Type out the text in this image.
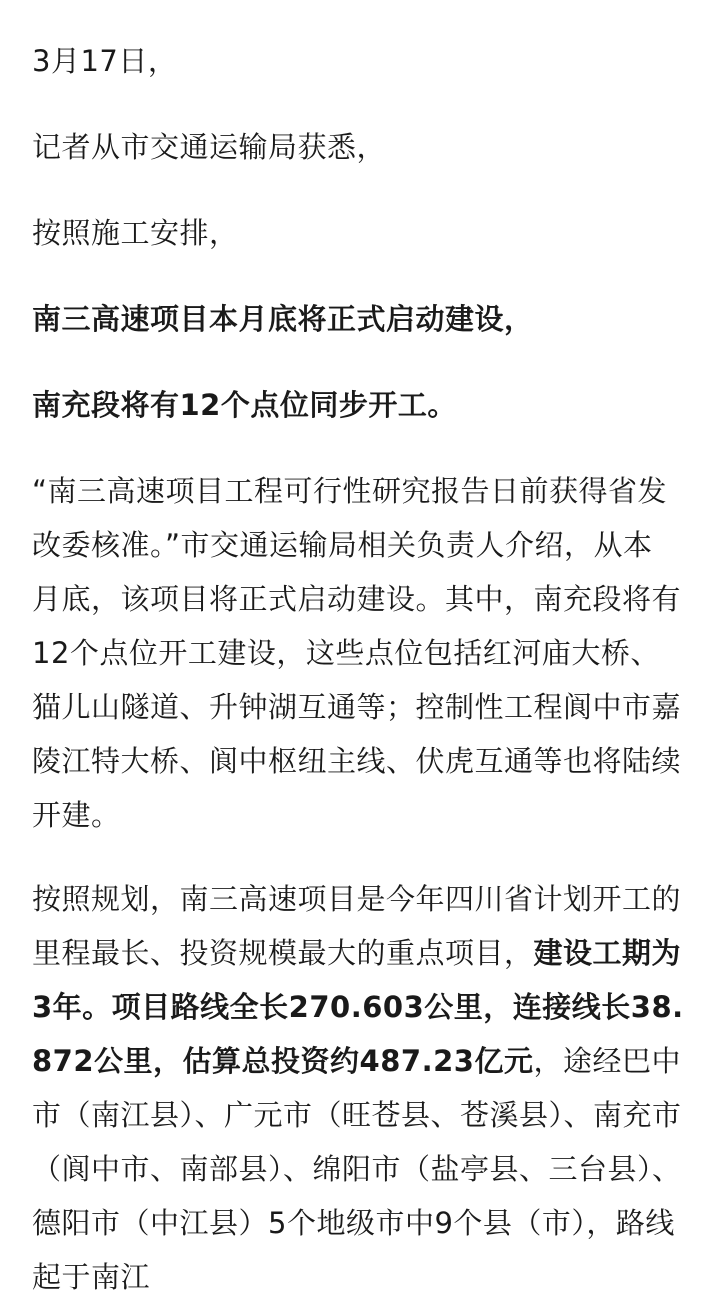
3月17日，

记者从市交通运输局获悉，

按照施工安排，

南三高速项目本月底将正式启动建设，

南充段将有12个点位同步开工。

“南三高速项目工程可行性研究报告日前获得省发改委核准。”市交通运输局相关负责人介绍，从本月底，该项目将正式启动建设。其中，南充段将有12个点位开工建设，这些点位包括红河庙大桥、猫儿山隧道、升钟湖互通等；控制性工程阆中市嘉陵江特大桥、阆中枢纽主线、伏虎互通等也将陆续开建。

按照规划，南三高速项目是今年四川省计划开工的里程最长、投资规模最大的重点项目，建设工期为3年。项目路线全长270.603公里，连接线长38.872公里，估算总投资约487.23亿元，途经巴中市（南江县）、广元市（旺苍县、苍溪县）、南充市（阆中市、南部县）、绵阳市（盐亭县、三台县）、德阳市（中江县）5个地级市中9个县（市），路线起于南江
